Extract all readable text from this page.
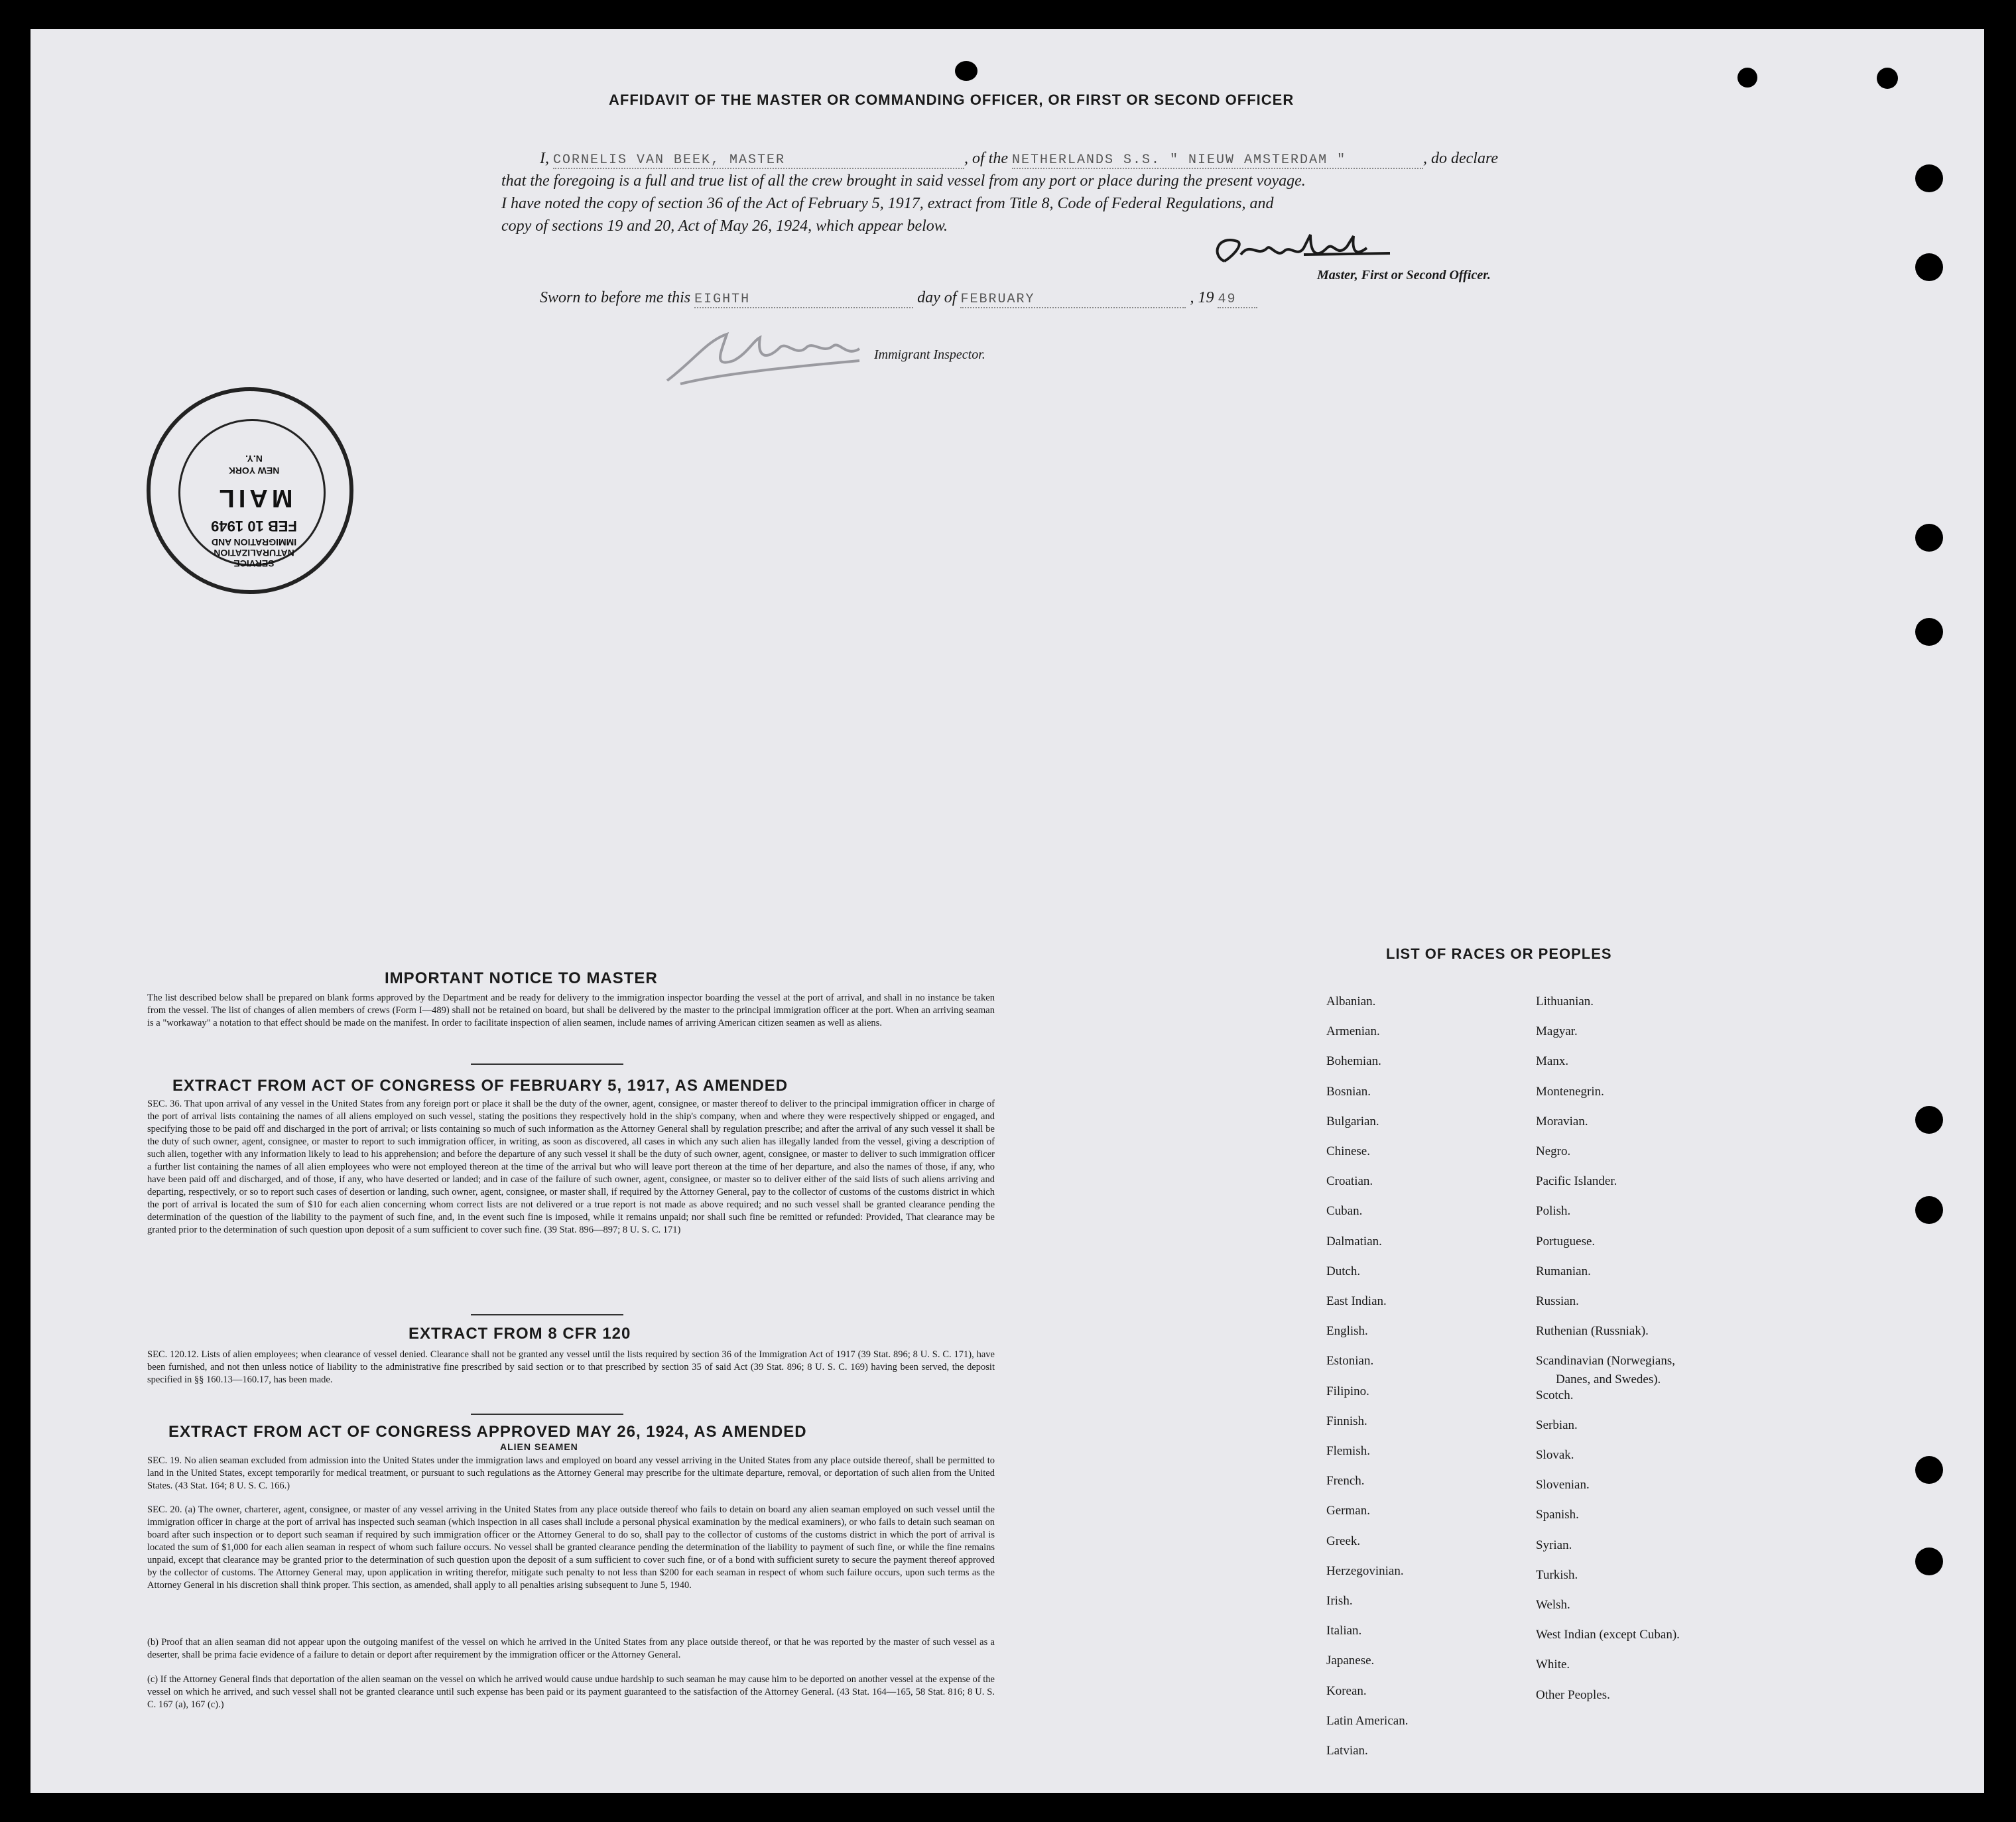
AFFIDAVIT OF THE MASTER OR COMMANDING OFFICER, OR FIRST OR SECOND OFFICER
I, CORNELIS VAN BEEK, MASTER	, of the NETHERLANDS S.S. " NIEUW AMSTERDAM "	, do declare
that the foregoing is a full and true list of all the crew brought in said vessel from any port or place during the present voyage.
I have noted the copy of section 36 of the Act of February 5, 1917, extract from Title 8, Code of Federal Regulations, and
copy of sections 19 and 20, Act of May 26, 1924, which appear below.
Master, First or Second Officer.
Sworn to before me this EIGHTH	day of FEBRUARY	, 19 49
Immigrant Inspector.
MAIL
FEB 10 1949
IMMIGRATION AND
NATURALIZATION
SERVICE
NEW YORK
N.Y.
IMPORTANT NOTICE TO MASTER
The list described below shall be prepared on blank forms approved by the Department and be ready for delivery to the immigration inspector boarding the vessel at the port of arrival, and shall in no instance be taken from the vessel. The list of changes of alien members of crews (Form I—489) shall not be retained on board, but shall be delivered by the master to the principal immigration officer at the port. When an arriving seaman is a "workaway" a notation to that effect should be made on the manifest. In order to facilitate inspection of alien seamen, include names of arriving American citizen seamen as well as aliens.
EXTRACT FROM ACT OF CONGRESS OF FEBRUARY 5, 1917, AS AMENDED
SEC. 36. That upon arrival of any vessel in the United States from any foreign port or place it shall be the duty of the owner, agent, consignee, or master thereof to deliver to the principal immigration officer in charge of the port of arrival lists containing the names of all aliens employed on such vessel, stating the positions they respectively hold in the ship's company, when and where they were respectively shipped or engaged, and specifying those to be paid off and discharged in the port of arrival; or lists containing so much of such information as the Attorney General shall by regulation prescribe; and after the arrival of any such vessel it shall be the duty of such owner, agent, consignee, or master to report to such immigration officer, in writing, as soon as discovered, all cases in which any such alien has illegally landed from the vessel, giving a description of such alien, together with any information likely to lead to his apprehension; and before the departure of any such vessel it shall be the duty of such owner, agent, consignee, or master to deliver to such immigration officer a further list containing the names of all alien employees who were not employed thereon at the time of the arrival but who will leave port thereon at the time of her departure, and also the names of those, if any, who have been paid off and discharged, and of those, if any, who have deserted or landed; and in case of the failure of such owner, agent, consignee, or master so to deliver either of the said lists of such aliens arriving and departing, respectively, or so to report such cases of desertion or landing, such owner, agent, consignee, or master shall, if required by the Attorney General, pay to the collector of customs of the customs district in which the port of arrival is located the sum of $10 for each alien concerning whom correct lists are not delivered or a true report is not made as above required; and no such vessel shall be granted clearance pending the determination of the question of the liability to the payment of such fine, and, in the event such fine is imposed, while it remains unpaid; nor shall such fine be remitted or refunded: Provided, That clearance may be granted prior to the determination of such question upon deposit of a sum sufficient to cover such fine. (39 Stat. 896—897; 8 U. S. C. 171)
EXTRACT FROM 8 CFR 120
SEC. 120.12. Lists of alien employees; when clearance of vessel denied. Clearance shall not be granted any vessel until the lists required by section 36 of the Immigration Act of 1917 (39 Stat. 896; 8 U. S. C. 171), have been furnished, and not then unless notice of liability to the administrative fine prescribed by said section or to that prescribed by section 35 of said Act (39 Stat. 896; 8 U. S. C. 169) having been served, the deposit specified in §§ 160.13—160.17, has been made.
EXTRACT FROM ACT OF CONGRESS APPROVED MAY 26, 1924, AS AMENDED
ALIEN SEAMEN
SEC. 19. No alien seaman excluded from admission into the United States under the immigration laws and employed on board any vessel arriving in the United States from any place outside thereof, shall be permitted to land in the United States, except temporarily for medical treatment, or pursuant to such regulations as the Attorney General may prescribe for the ultimate departure, removal, or deportation of such alien from the United States. (43 Stat. 164; 8 U. S. C. 166.)
SEC. 20. (a) The owner, charterer, agent, consignee, or master of any vessel arriving in the United States from any place outside thereof who fails to detain on board any alien seaman employed on such vessel until the immigration officer in charge at the port of arrival has inspected such seaman (which inspection in all cases shall include a personal physical examination by the medical examiners), or who fails to detain such seaman on board after such inspection or to deport such seaman if required by such immigration officer or the Attorney General to do so, shall pay to the collector of customs of the customs district in which the port of arrival is located the sum of $1,000 for each alien seaman in respect of whom such failure occurs. No vessel shall be granted clearance pending the determination of the liability to payment of such fine, or while the fine remains unpaid, except that clearance may be granted prior to the determination of such question upon the deposit of a sum sufficient to cover such fine, or of a bond with sufficient surety to secure the payment thereof approved by the collector of customs. The Attorney General may, upon application in writing therefor, mitigate such penalty to not less than $200 for each seaman in respect of whom such failure occurs, upon such terms as the Attorney General in his discretion shall think proper. This section, as amended, shall apply to all penalties arising subsequent to June 5, 1940.
(b) Proof that an alien seaman did not appear upon the outgoing manifest of the vessel on which he arrived in the United States from any place outside thereof, or that he was reported by the master of such vessel as a deserter, shall be prima facie evidence of a failure to detain or deport after requirement by the immigration officer or the Attorney General.
(c) If the Attorney General finds that deportation of the alien seaman on the vessel on which he arrived would cause undue hardship to such seaman he may cause him to be deported on another vessel at the expense of the vessel on which he arrived, and such vessel shall not be granted clearance until such expense has been paid or its payment guaranteed to the satisfaction of the Attorney General. (43 Stat. 164—165, 58 Stat. 816; 8 U. S. C. 167 (a), 167 (c).)
LIST OF RACES OR PEOPLES
Albanian.
Armenian.
Bohemian.
Bosnian.
Bulgarian.
Chinese.
Croatian.
Cuban.
Dalmatian.
Dutch.
East Indian.
English.
Estonian.
Filipino.
Finnish.
Flemish.
French.
German.
Greek.
Herzegovinian.
Irish.
Italian.
Japanese.
Korean.
Latin American.
Latvian.
Lithuanian.
Magyar.
Manx.
Montenegrin.
Moravian.
Negro.
Pacific Islander.
Polish.
Portuguese.
Rumanian.
Russian.
Ruthenian (Russniak).
Scandinavian (Norwegians,
Danes, and Swedes).
Scotch.
Serbian.
Slovak.
Slovenian.
Spanish.
Syrian.
Turkish.
Welsh.
West Indian (except Cuban).
White.
Other Peoples.
